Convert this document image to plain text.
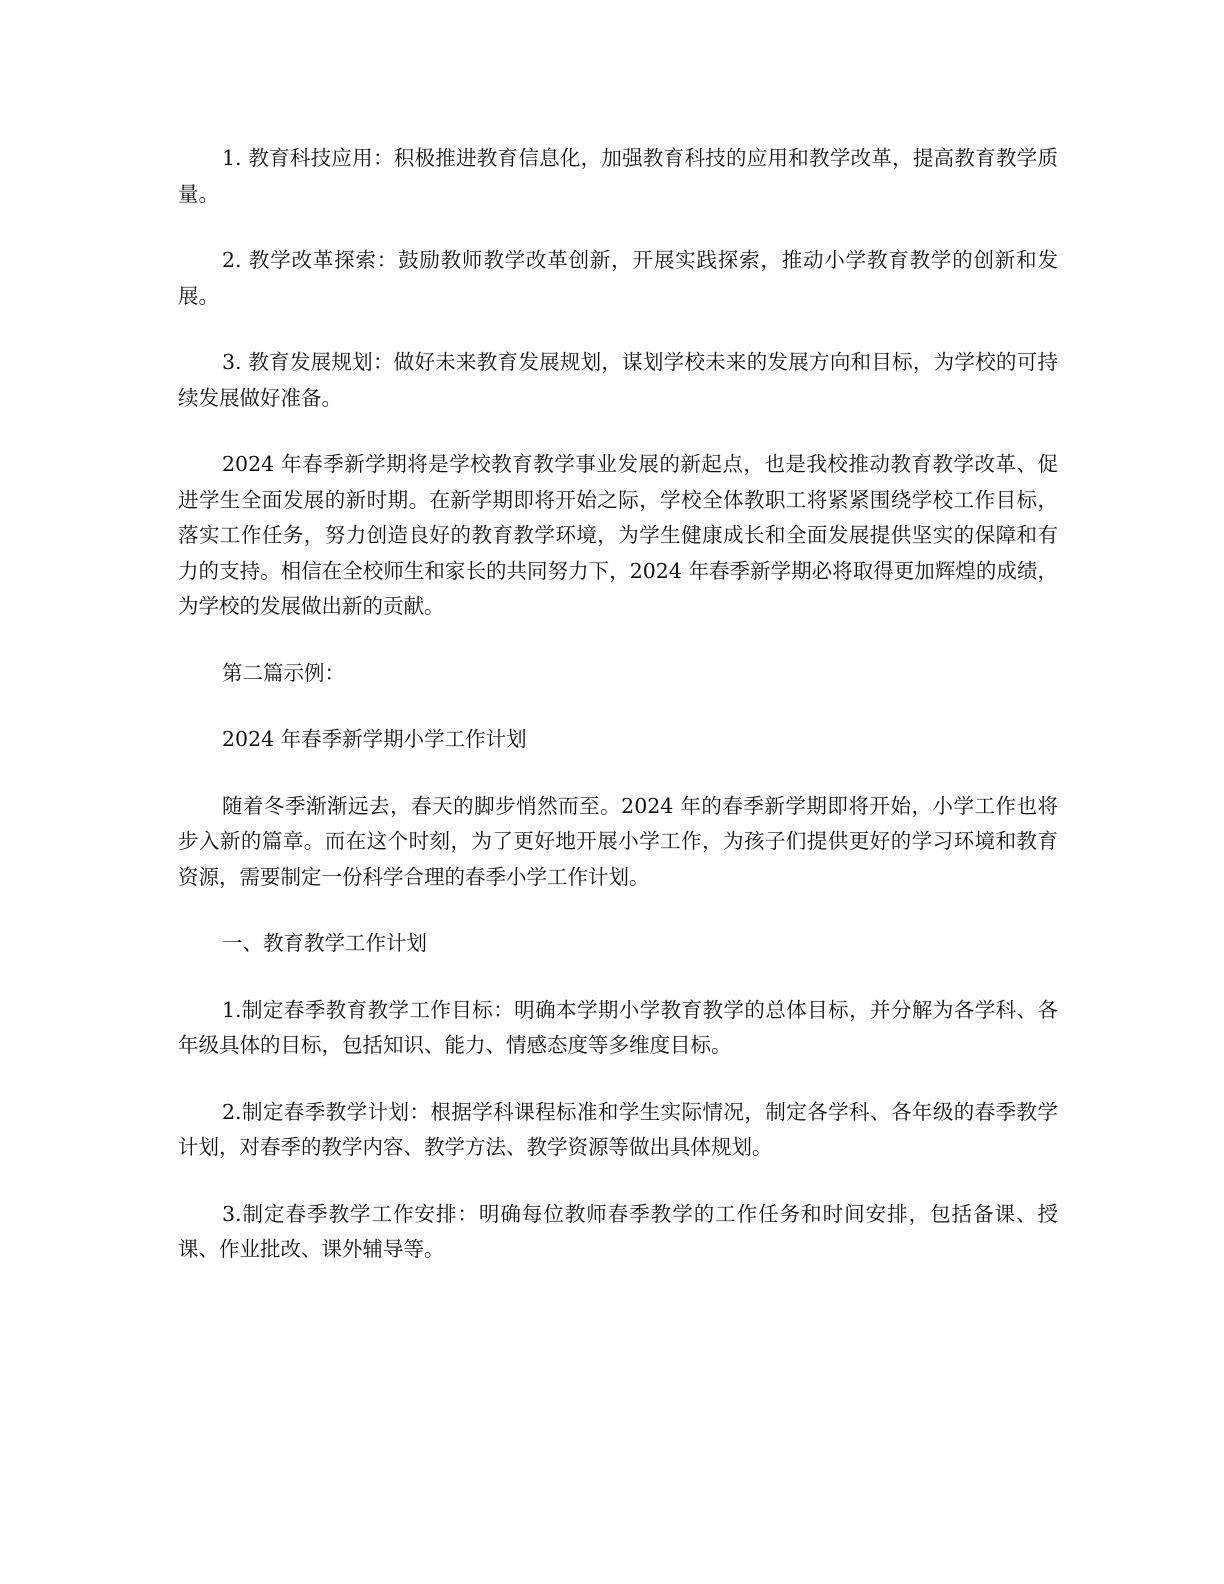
1. 教育科技应用：积极推进教育信息化，加强教育科技的应用和教学改革，提高教育教学质量。

2. 教学改革探索：鼓励教师教学改革创新，开展实践探索，推动小学教育教学的创新和发展。

3. 教育发展规划：做好未来教育发展规划，谋划学校未来的发展方向和目标，为学校的可持续发展做好准备。

2024 年春季新学期将是学校教育教学事业发展的新起点，也是我校推动教育教学改革、促进学生全面发展的新时期。在新学期即将开始之际，学校全体教职工将紧紧围绕学校工作目标，落实工作任务，努力创造良好的教育教学环境，为学生健康成长和全面发展提供坚实的保障和有力的支持。相信在全校师生和家长的共同努力下，2024 年春季新学期必将取得更加辉煌的成绩，为学校的发展做出新的贡献。

第二篇示例：

2024 年春季新学期小学工作计划

随着冬季渐渐远去，春天的脚步悄然而至。2024 年的春季新学期即将开始，小学工作也将步入新的篇章。而在这个时刻，为了更好地开展小学工作，为孩子们提供更好的学习环境和教育资源，需要制定一份科学合理的春季小学工作计划。

一、教育教学工作计划

1.制定春季教育教学工作目标：明确本学期小学教育教学的总体目标，并分解为各学科、各年级具体的目标，包括知识、能力、情感态度等多维度目标。

2.制定春季教学计划：根据学科课程标准和学生实际情况，制定各学科、各年级的春季教学计划，对春季的教学内容、教学方法、教学资源等做出具体规划。

3.制定春季教学工作安排：明确每位教师春季教学的工作任务和时间安排，包括备课、授课、作业批改、课外辅导等。
